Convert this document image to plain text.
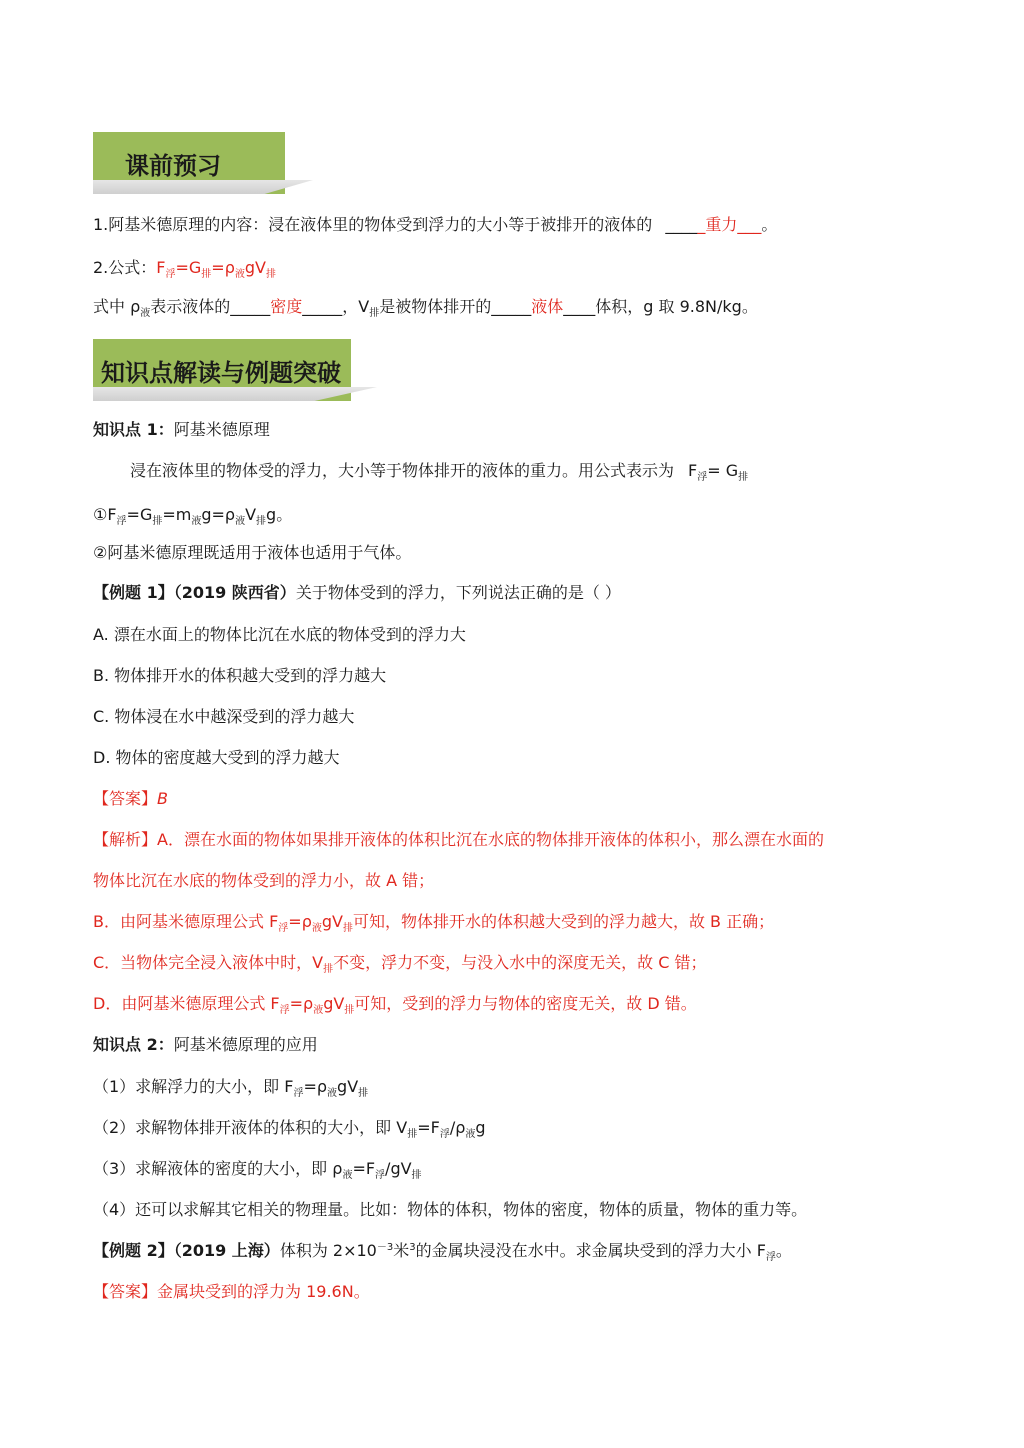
课前预习
1.阿基米德原理的内容：浸在液体里的物体受到浮力的大小等于被排开的液体的 _____重力___。
2.公式：$F_浮=G_排=\rho_液gV_排$
式中 $\rho_液$表示液体的_____密度_____，$V_排$是被物体排开的_____液体____体积，g 取 9.8N/kg。
知识点解读与例题突破
知识点 1：阿基米德原理
浸在液体里的物体受的浮力，大小等于物体排开的液体的重力。用公式表示为 $F_浮= G_排$
$①F_浮=G_排=m_液g=\rho_液V_排g$。
②阿基米德原理既适用于液体也适用于气体。
【例题 1】（2019 陕西省）关于物体受到的浮力，下列说法正确的是（ ）
A. 漂在水面上的物体比沉在水底的物体受到的浮力大
B. 物体排开水的体积越大受到的浮力越大
C. 物体浸在水中越深受到的浮力越大
D. 物体的密度越大受到的浮力越大
【答案】B
【解析】A．漂在水面的物体如果排开液体的体积比沉在水底的物体排开液体的体积小，那么漂在水面的
物体比沉在水底的物体受到的浮力小，故 A 错；
B．由阿基米德原理公式 $F_浮=\rho_液gV_排$可知，物体排开水的体积越大受到的浮力越大，故 B 正确；
C．当物体完全浸入液体中时，$V_排$不变，浮力不变，与没入水中的深度无关，故 C 错；
D．由阿基米德原理公式 $F_浮=\rho_液gV_排$可知，受到的浮力与物体的密度无关，故 D 错。
知识点 2：阿基米德原理的应用
（1）求解浮力的大小，即 $F_浮=\rho_液gV_排$
（2）求解物体排开液体的体积的大小，即 $V_排=F_浮/\rho_液g$
（3）求解液体的密度的大小，即 $\rho_液=F_浮/gV_排$
（4）还可以求解其它相关的物理量。比如：物体的体积，物体的密度，物体的质量，物体的重力等。
【例题 2】（2019 上海）体积为 $2\times 10^{-3}$米$^3$的金属块浸没在水中。求金属块受到的浮力大小 $F_浮$。
【答案】金属块受到的浮力为 19.6N。
